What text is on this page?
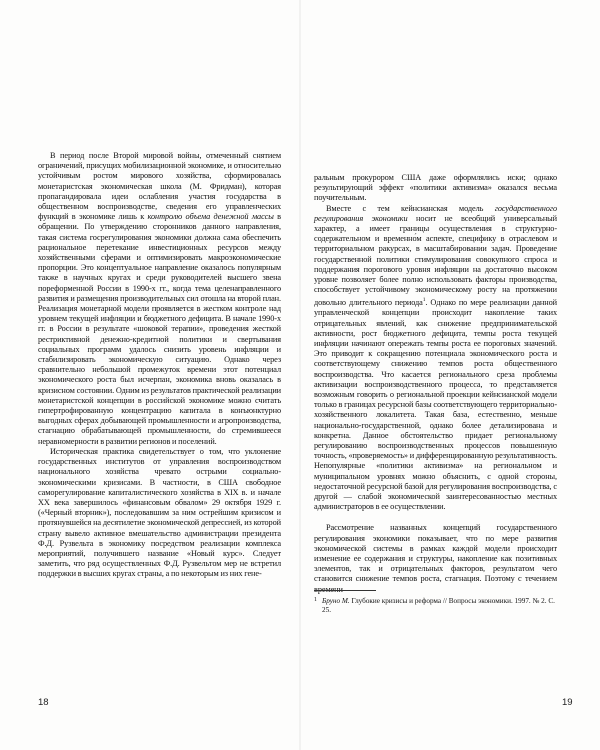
В период после Второй мировой войны, отмеченный снятием ограничений, присущих мобилизационной экономике, и относительно устойчивым ростом мирового хозяйства, сформировалась монетаристская экономическая школа (М. Фридман), которая пропагандировала идеи ослабления участия государства в общественном воспроизводстве, сведения его управленческих функций в экономике лишь к контролю объема денежной массы в обращении. По утверждению сторонников данного направления, такая система госрегулирования экономики должна сама обеспечить рациональное перетекание инвестиционных ресурсов между хозяйственными сферами и оптимизировать макроэкономические пропорции. Это концептуальное направление оказалось популярным также в научных кругах и среди руководителей высшего звена пореформенной России в 1990-х гг., когда тема целенаправленного развития и размещения производительных сил отошла на второй план. Реализация монетарной модели проявляется в жестком контроле над уровнем текущей инфляции и бюджетного дефицита. В начале 1990-х гг. в России в результате «шоковой терапии», проведения жесткой рестриктивной денежно-кредитной политики и свертывания социальных программ удалось снизить уровень инфляции и стабилизировать экономическую ситуацию. Однако через сравнительно небольшой промежуток времени этот потенциал экономического роста был исчерпан, экономика вновь оказалась в кризисном состоянии. Одним из результатов практической реализации монетаристской концепции в российской экономике можно считать гипертрофированную концентрацию капитала в конъюнктурно выгодных сферах добывающей промышленности и агропроизводства, стагнацию обрабатывающей промышленности, do стремившееся неравномерности в развитии регионов и поселений.

Историческая практика свидетельствует о том, что уклонение государственных институтов от управления воспроизводством национального хозяйства чревато острыми социально-экономическими кризисами. В частности, в США свободное саморегулирование капиталистического хозяйства в XIX в. и начале XX века завершилось «финансовым обвалом» 29 октября 1929 г. («Черный вторник»), последовавшим за ним острейшим кризисом и протянувшейся на десятилетие экономической депрессией, из которой страну вывело активное вмешательство администрации президента Ф.Д. Рузвельта в экономику посредством реализации комплекса мероприятий, получившего название «Новый курс». Следует заметить, что ряд осуществленных Ф.Д. Рузвельтом мер не встретил поддержки в высших кругах страны, а по некоторым из них гене-

18

ральным прокурором США даже оформлялись иски; однако результирующий эффект «политики активизма» оказался весьма поучительным.

Вместе с тем кейнсианская модель государственного регулирования экономики носит не всеобщий универсальный характер, а имеет границы осуществления в структурно-содержательном и временно́м аспекте, специфику в отраслевом и территориальном ракурсах, в масштабировании задач. Проведение государственной политики стимулирования совокупного спроса и поддержания порогового уровня инфляции на достаточно высоком уровне позволяет более полно использовать факторы производства, способствует устойчивому экономическому росту на протяжении довольно длительного периода$^1$. Однако по мере реализации данной управленческой концепции происходит накопление таких отрицательных явлений, как снижение предпринимательской активности, рост бюджетного дефицита, темпы роста текущей инфляции начинают опережать темпы роста ее пороговых значений. Это приводит к сокращению потенциала экономического роста и соответствующему снижению темпов роста общественного воспроизводства. Что касается регионального среза проблемы активизации воспроизводственного процесса, то представляется возможным говорить о региональной проекции кейнсианской модели только в границах ресурсной базы соответствующего территориально-хозяйственного локалитета. Такая база, естественно, меньше национально-государственной, однако более детализирована и конкретна. Данное обстоятельство придает региональному регулированию воспроизводственных процессов повышенную точность, «проверяемость» и дифференцированную результативность. Непопулярные «политики активизма» на региональном и муниципальном уровнях можно объяснить, с одной стороны, недостаточной ресурсной базой для регулирования воспроизводства, с другой — слабой экономической заинтересованностью местных администраторов в ее осуществлении.

Рассмотрение названных концепций государственного регулирования экономики показывает, что по мере развития экономической системы в рамках каждой модели происходит изменение ее содержания и структуры, накопление как позитивных элементов, так и отрицательных факторов, результатом чего становится снижение темпов роста, стагнация. Поэтому с течением времени

1 Бруно М. Глубокие кризисы и реформа // Вопросы экономики. 1997. № 2. С. 25.
19
